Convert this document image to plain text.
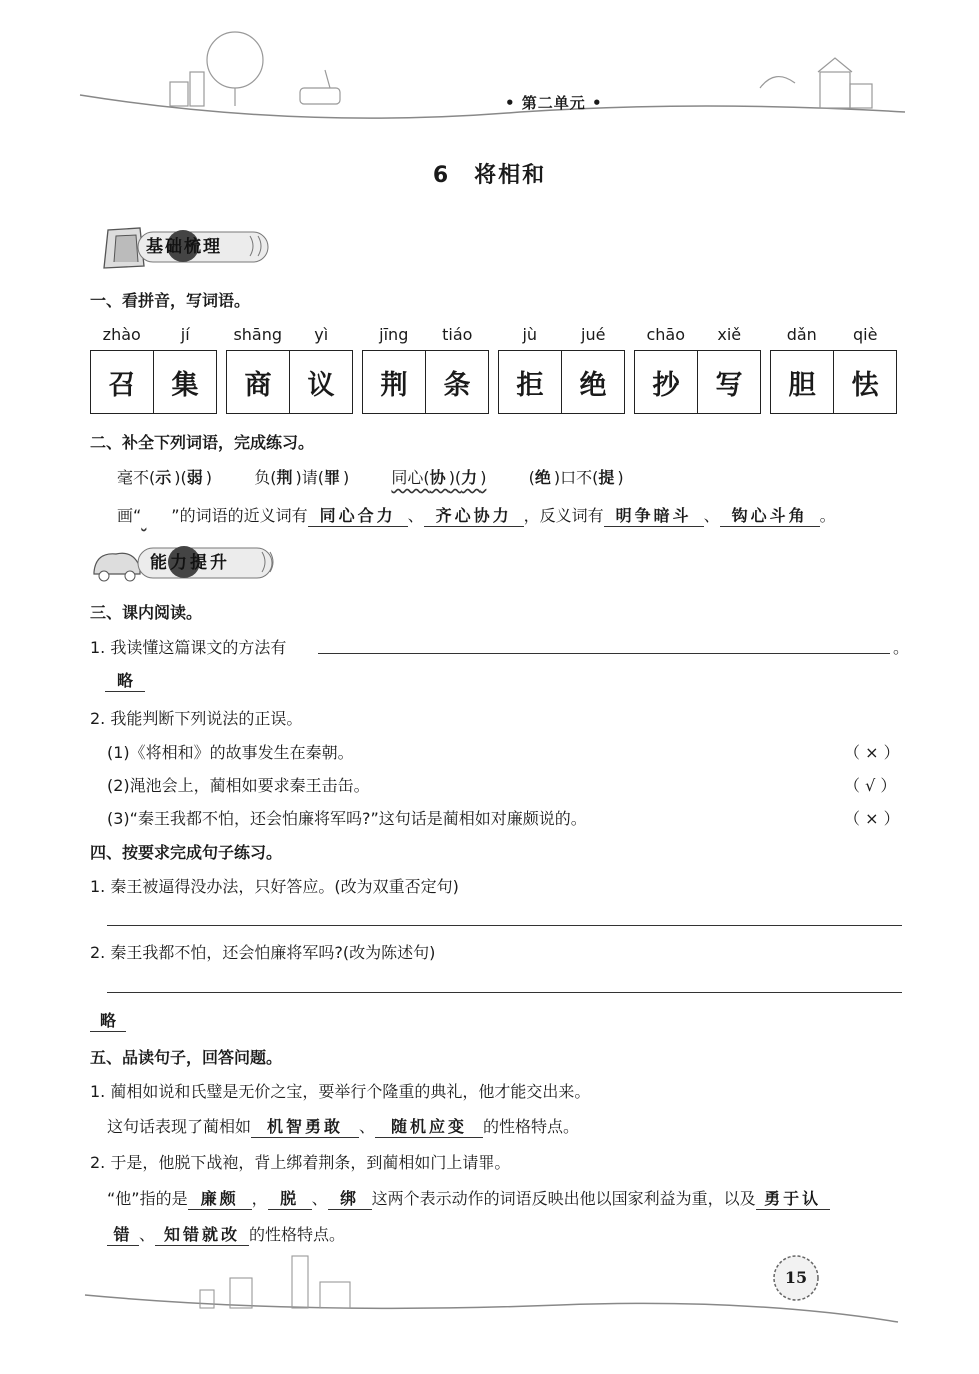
• 第二单元 •
6　将相和
基础梳理
一、看拼音，写词语。
zhào	jí
召	集
shāng	yì
商	议
jīng	tiáo
荆	条
jù	jué
拒	绝
chāo	xiě
抄	写
dǎn	qiè
胆	怯
二、补全下列词语，完成练习。
毫不(示)(弱)	负(荆)请(罪)	同心(协)(力)	(绝)口不(提)
画“ ”的词语的近义词有 同心合力 、 齐心协力 ，反义词有 明争暗斗 、 钩心斗角 。
能力提升
三、课内阅读。
1. 我读懂这篇课文的方法有	。
略
2. 我能判断下列说法的正误。
(1)《将相和》的故事发生在秦朝。	（ × ）
(2)渑池会上，蔺相如要求秦王击缶。	（ √ ）
(3)“秦王我都不怕，还会怕廉将军吗?”这句话是蔺相如对廉颇说的。	（ × ）
四、按要求完成句子练习。
1. 秦王被逼得没办法，只好答应。(改为双重否定句)
2. 秦王我都不怕，还会怕廉将军吗?(改为陈述句)
略
五、品读句子，回答问题。
1. 蔺相如说和氏璧是无价之宝，要举行个隆重的典礼，他才能交出来。
这句话表现了蔺相如 机智勇敢 、 随机应变 的性格特点。
2. 于是，他脱下战袍，背上绑着荆条，到蔺相如门上请罪。
“他”指的是 廉颇 ， 脱 、 绑 这两个表示动作的词语反映出他以国家利益为重，以及 勇于认
错 、 知错就改 的性格特点。
15
